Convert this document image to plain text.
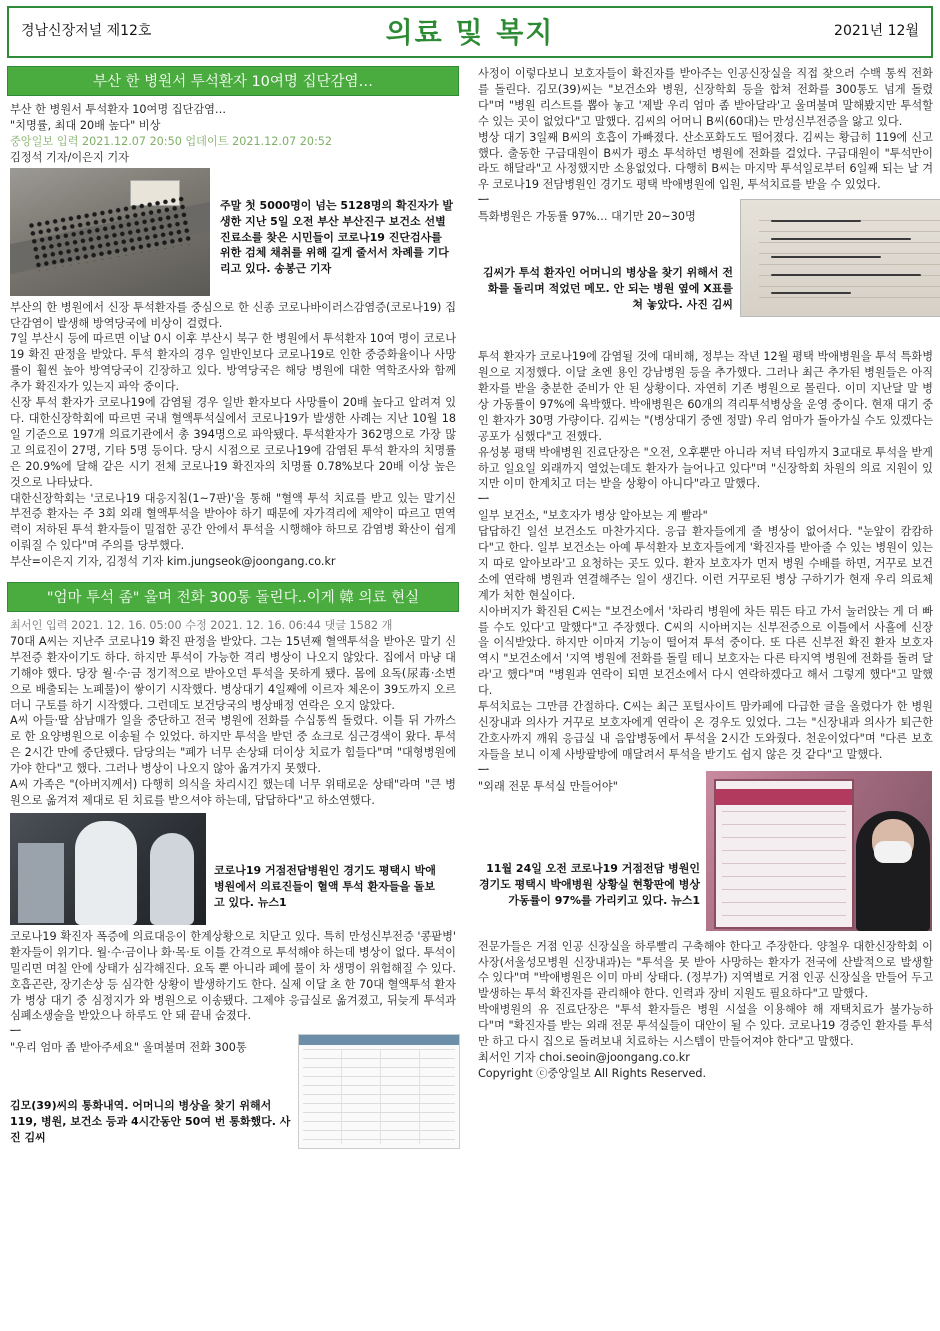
경남신장저널 제12호	의료 및 복지	2021년 12월
부산 한 병원서 투석환자 10여명 집단감염…

부산 한 병원서 투석환자 10여명 집단감염…

"치명률, 최대 20배 높다" 비상

중앙일보 입력 2021.12.07 20:50 업데이트 2021.12.07 20:52

김정석 기자/이은지 기자

주말 첫 5000명이 넘는 5128명의 확진자가 발생한 지난 5일 오전 부산 부산진구 보건소 선별진료소를 찾은 시민들이 코로나19 진단검사를 위한 검체 채취를 위해 길게 줄서서 차례를 기다리고 있다. 송봉근 기자

부산의 한 병원에서 신장 투석환자를 중심으로 한 신종 코로나바이러스감염증(코로나19) 집단감염이 발생해 방역당국에 비상이 걸렸다.

7일 부산시 등에 따르면 이날 0시 이후 부산시 북구 한 병원에서 투석환자 10여 명이 코로나19 확진 판정을 받았다. 투석 환자의 경우 일반인보다 코로나19로 인한 중증화율이나 사망률이 훨씬 높아 방역당국이 긴장하고 있다. 방역당국은 해당 병원에 대한 역학조사와 함께 추가 확진자가 있는지 파악 중이다.

신장 투석 환자가 코로나19에 감염될 경우 일반 환자보다 사망률이 20배 높다고 알려져 있다. 대한신장학회에 따르면 국내 혈액투석실에서 코로나19가 발생한 사례는 지난 10월 18일 기준으로 197개 의료기관에서 총 394명으로 파악됐다. 투석환자가 362명으로 가장 많고 의료진이 27명, 기타 5명 등이다. 당시 시점으로 코로나19에 감염된 투석 환자의 치명률은 20.9%에 달해 같은 시기 전체 코로나19 확진자의 치명률 0.78%보다 20배 이상 높은 것으로 나타났다.

대한신장학회는 '코로나19 대응지침(1~7판)'을 통해 "혈액 투석 치료를 받고 있는 말기신부전증 환자는 주 3회 외래 혈액투석을 받아야 하기 때문에 자가격리에 제약이 따르고 면역력이 저하된 투석 환자들이 밀접한 공간 안에서 투석을 시행해야 하므로 감염병 확산이 쉽게 이뤄질 수 있다"며 주의를 당부했다.

부산=이은지 기자, 김정석 기자 kim.jungseok@joongang.co.kr

"엄마 투석 좀" 울며 전화 300통 돌린다..이게 韓 의료 현실

최서인 입력 2021. 12. 16. 05:00 수정 2021. 12. 16. 06:44 댓글 1582 개

70대 A씨는 지난주 코로나19 확진 판정을 받았다. 그는 15년째 혈액투석을 받아온 말기 신부전증 환자이기도 하다. 하지만 투석이 가능한 격리 병상이 나오지 않았다. 집에서 마냥 대기해야 했다. 당장 월·수·금 정기적으로 받아오던 투석을 못하게 됐다. 몸에 요독(尿毒·소변으로 배출되는 노폐물)이 쌓이기 시작했다. 병상대기 4일째에 이르자 체온이 39도까지 오르더니 구토를 하기 시작했다. 그런데도 보건당국의 병상배정 연락은 오지 않았다.

A씨 아들·딸 삼남매가 일을 중단하고 전국 병원에 전화를 수십통씩 돌렸다. 이틀 뒤 가까스로 한 요양병원으로 이송될 수 있었다. 하지만 투석을 받던 중 쇼크로 심근경색이 왔다. 투석은 2시간 만에 중단됐다. 담당의는 "폐가 너무 손상돼 더이상 치료가 힘들다"며 "대형병원에 가야 한다"고 했다. 그러나 병상이 나오지 않아 옮겨가지 못했다.

A씨 가족은 "(아버지께서) 다행히 의식을 차리시긴 했는데 너무 위태로운 상태"라며 "큰 병원으로 옮겨져 제대로 된 치료를 받으셔야 하는데, 답답하다"고 하소연했다.

코로나19 거점전담병원인 경기도 평택시 박애병원에서 의료진들이 혈액 투석 환자들을 돌보고 있다. 뉴스1

코로나19 확진자 폭증에 의료대응이 한계상황으로 치닫고 있다. 특히 만성신부전증 '콩팥병' 환자들이 위기다. 월·수·금이나 화·목·토 이틀 간격으로 투석해야 하는데 병상이 없다. 투석이 밀리면 며칠 안에 상태가 심각해진다. 요독 뿐 아니라 폐에 물이 차 생명이 위험해질 수 있다. 호흡곤란, 장기손상 등 심각한 상황이 발생하기도 한다. 실제 이달 초 한 70대 혈액투석 환자가 병상 대기 중 심정지가 와 병원으로 이송됐다. 그제야 응급실로 옮겨졌고, 뒤늦게 투석과 심폐소생술을 받았으나 하루도 안 돼 끝내 숨졌다.

ㅡ

"우리 엄마 좀 받아주세요" 울며불며 전화 300통

김모(39)씨의 통화내역. 어머니의 병상을 찾기 위해서 119, 병원, 보건소 등과 4시간동안 50여 번 통화했다. 사진 김씨

사정이 이렇다보니 보호자들이 확진자를 받아주는 인공신장실을 직접 찾으러 수백 통씩 전화를 돌린다. 김모(39)씨는 "보건소와 병원, 신장학회 등을 합쳐 전화를 300통도 넘게 돌렸다"며 "병원 리스트를 뽑아 놓고 '제발 우리 엄마 좀 받아달라'고 울며불며 말해봤지만 투석할 수 있는 곳이 없었다"고 말했다. 김씨의 어머니 B씨(60대)는 만성신부전증을 앓고 있다.

병상 대기 3일째 B씨의 호흡이 가빠졌다. 산소포화도도 떨어졌다. 김씨는 황급히 119에 신고했다. 출동한 구급대원이 B씨가 평소 투석하던 병원에 전화를 걸었다. 구급대원이 "투석만이라도 해달라"고 사정했지만 소용없었다. 다행히 B씨는 마지막 투석일로부터 6일째 되는 날 겨우 코로나19 전담병원인 경기도 평택 박애병원에 입원, 투석치료를 받을 수 있었다.

ㅡ

특화병원은 가동률 97%… 대기만 20~30명

김씨가 투석 환자인 어머니의 병상을 찾기 위해서 전화를 돌리며 적었던 메모. 안 되는 병원 옆에 X표를 쳐 놓았다. 사진 김씨

투석 환자가 코로나19에 감염될 것에 대비해, 정부는 작년 12월 평택 박애병원을 투석 특화병원으로 지정했다. 이달 초엔 용인 강남병원 등을 추가했다. 그러나 최근 추가된 병원들은 아직 환자를 받을 충분한 준비가 안 된 상황이다. 자연히 기존 병원으로 몰린다. 이미 지난달 말 병상 가동률이 97%에 육박했다. 박애병원은 60개의 격리투석병상을 운영 중이다. 현재 대기 중인 환자가 30명 가량이다. 김씨는 "(병상대기 중엔 정말) 우리 엄마가 돌아가실 수도 있겠다는 공포가 심했다"고 전했다.

유성봉 평택 박애병원 진료단장은 "오전, 오후뿐만 아니라 저녁 타임까지 3교대로 투석을 받게 하고 일요일 외래까지 열었는데도 환자가 늘어나고 있다"며 "신장학회 차원의 의료 지원이 있지만 이미 한계치고 더는 받을 상황이 아니다"라고 말했다.

ㅡ

일부 보건소, "보호자가 병상 알아보는 게 빨라"

답답하긴 일선 보건소도 마찬가지다. 응급 환자들에게 줄 병상이 없어서다. "눈앞이 캄캄하다"고 한다. 일부 보건소는 아예 투석환자 보호자들에게 '확진자를 받아줄 수 있는 병원이 있는지 따로 알아보라'고 요청하는 곳도 있다. 환자 보호자가 먼저 병원 수배를 하면, 거꾸로 보건소에 연락해 병원과 연결해주는 일이 생긴다. 이런 거꾸로된 병상 구하기가 현재 우리 의료체계가 처한 현실이다.

시아버지가 확진된 C씨는 "보건소에서 '차라리 병원에 차든 뭐든 타고 가서 눌러앉는 게 더 빠를 수도 있다'고 말했다"고 주장했다. C씨의 시아버지는 신부전증으로 이틀에서 사흘에 신장을 이식받았다. 하지만 이마저 기능이 떨어져 투석 중이다. 또 다른 신부전 확진 환자 보호자 역시 "보건소에서 '지역 병원에 전화를 돌릴 테니 보호자는 다른 타지역 병원에 전화를 돌려 달라'고 했다"며 "병원과 연락이 되면 보건소에서 다시 연락하겠다고 해서 그렇게 했다"고 말했다.

투석치료는 그만큼 간절하다. C씨는 최근 포털사이트 맘카페에 다급한 글을 올렸다가 한 병원 신장내과 의사가 거꾸로 보호자에게 연락이 온 경우도 있었다. 그는 "신장내과 의사가 퇴근한 간호사까지 깨워 응급실 내 음압병동에서 투석을 2시간 도와줬다. 천운이었다"며 "다른 보호자들을 보니 이제 사방팔방에 매달려서 투석을 받기도 쉽지 않은 것 같다"고 말했다.

ㅡ

"외래 전문 투석실 만들어야"

11월 24일 오전 코로나19 거점전담 병원인 경기도 평택시 박애병원 상황실 현황판에 병상가동률이 97%를 가리키고 있다. 뉴스1

전문가들은 거점 인공 신장실을 하루빨리 구축해야 한다고 주장한다. 양철우 대한신장학회 이사장(서울성모병원 신장내과)는 "투석을 못 받아 사망하는 환자가 전국에 산발적으로 발생할 수 있다"며 "박애병원은 이미 마비 상태다. (정부가) 지역별로 거점 인공 신장실을 만들어 두고 발생하는 투석 확진자를 관리해야 한다. 인력과 장비 지원도 필요하다"고 말했다.

박애병원의 유 진료단장은 "투석 환자들은 병원 시설을 이용해야 해 재택치료가 불가능하다"며 "확진자를 받는 외래 전문 투석실들이 대안이 될 수 있다. 코로나19 경증인 환자를 투석만 하고 다시 집으로 돌려보내 치료하는 시스템이 만들어져야 한다"고 말했다.

최서인 기자 choi.seoin@joongang.co.kr

Copyright ⓒ중앙일보 All Rights Reserved.
